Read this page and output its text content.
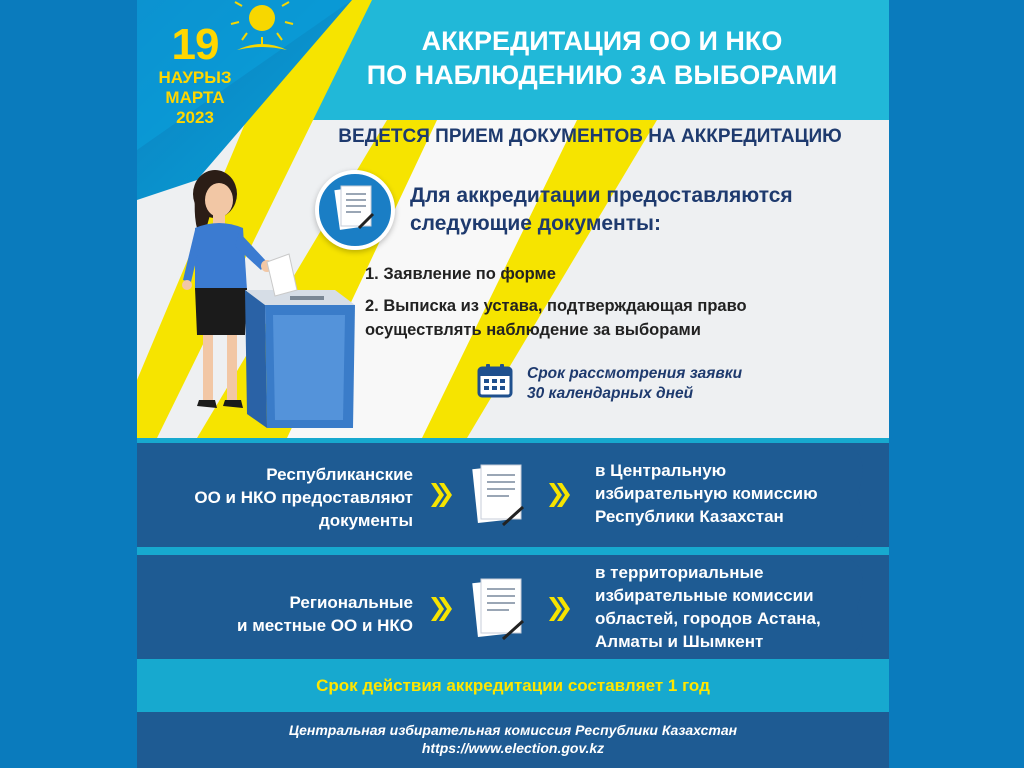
19
НАУРЫЗ
МАРТА
2023
АККРЕДИТАЦИЯ ОО И НКО
ПО НАБЛЮДЕНИЮ ЗА ВЫБОРАМИ
ВЕДЕТСЯ ПРИЕМ ДОКУМЕНТОВ НА АККРЕДИТАЦИЮ
Для аккредитации предоставляются
следующие документы:
1. Заявление по форме
2. Выписка из устава, подтверждающая право
осуществлять наблюдение за выборами
Срок рассмотрения заявки
30 календарных дней
Республиканские
ОО и НКО предоставляют
документы
в Центральную
избирательную комиссию
Республики Казахстан
Региональные
и местные ОО и НКО
в территориальные
избирательные комиссии
областей, городов Астана,
Алматы и Шымкент
Срок действия аккредитации составляет 1 год
Центральная избирательная комиссия Республики Казахстан
https://www.election.gov.kz
